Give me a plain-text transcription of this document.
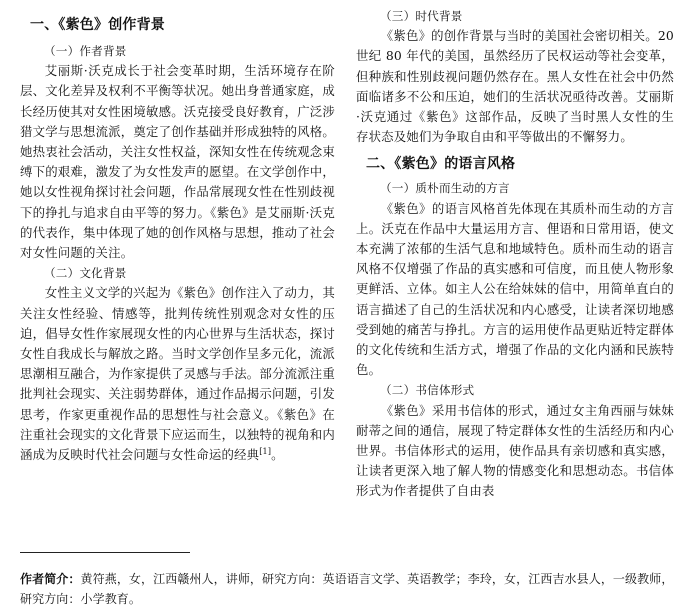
一、《紫色》创作背景
（一）作者背景

艾丽斯·沃克成长于社会变革时期，生活环境存在阶层、文化差异及权利不平衡等状况。她出身普通家庭，成长经历使其对女性困境敏感。沃克接受良好教育，广泛涉猎文学与思想流派，奠定了创作基础并形成独特的风格。她热衷社会活动，关注女性权益，深知女性在传统观念束缚下的艰难，激发了为女性发声的愿望。在文学创作中，她以女性视角探讨社会问题，作品常展现女性在性别歧视下的挣扎与追求自由平等的努力。《紫色》是艾丽斯·沃克的代表作，集中体现了她的创作风格与思想，推动了社会对女性问题的关注。

（二）文化背景

女性主义文学的兴起为《紫色》创作注入了动力，其关注女性经验、情感等，批判传统性别观念对女性的压迫，倡导女性作家展现女性的内心世界与生活状态，探讨女性自我成长与解放之路。当时文学创作呈多元化，流派思潮相互融合，为作家提供了灵感与手法。部分流派注重批判社会现实、关注弱势群体，通过作品揭示问题，引发思考，作家更重视作品的思想性与社会意义。《紫色》在注重社会现实的文化背景下应运而生，以独特的视角和内涵成为反映时代社会问题与女性命运的经典[1]。

（三）时代背景

《紫色》的创作背景与当时的美国社会密切相关。20 世纪 80 年代的美国，虽然经历了民权运动等社会变革，但种族和性别歧视问题仍然存在。黑人女性在社会中仍然面临诸多不公和压迫，她们的生活状况亟待改善。艾丽斯·沃克通过《紫色》这部作品，反映了当时黑人女性的生存状态及她们为争取自由和平等做出的不懈努力。

二、《紫色》的语言风格
（一）质朴而生动的方言

《紫色》的语言风格首先体现在其质朴而生动的方言上。沃克在作品中大量运用方言、俚语和日常用语，使文本充满了浓郁的生活气息和地域特色。质朴而生动的语言风格不仅增强了作品的真实感和可信度，而且使人物形象更鲜活、立体。如主人公在给妹妹的信中，用简单直白的语言描述了自己的生活状况和内心感受，让读者深切地感受到她的痛苦与挣扎。方言的运用使作品更贴近特定群体的文化传统和生活方式，增强了作品的文化内涵和民族特色。

（二）书信体形式

《紫色》采用书信体的形式，通过女主角西丽与妹妹耐蒂之间的通信，展现了特定群体女性的生活经历和内心世界。书信体形式的运用，使作品具有亲切感和真实感，让读者更深入地了解人物的情感变化和思想动态。书信体形式为作者提供了自由表

作者简介：黄符燕，女，江西赣州人，讲师，研究方向：英语语言文学、英语教学；李玲，女，江西吉水县人，一级教师，研究方向：小学教育。
